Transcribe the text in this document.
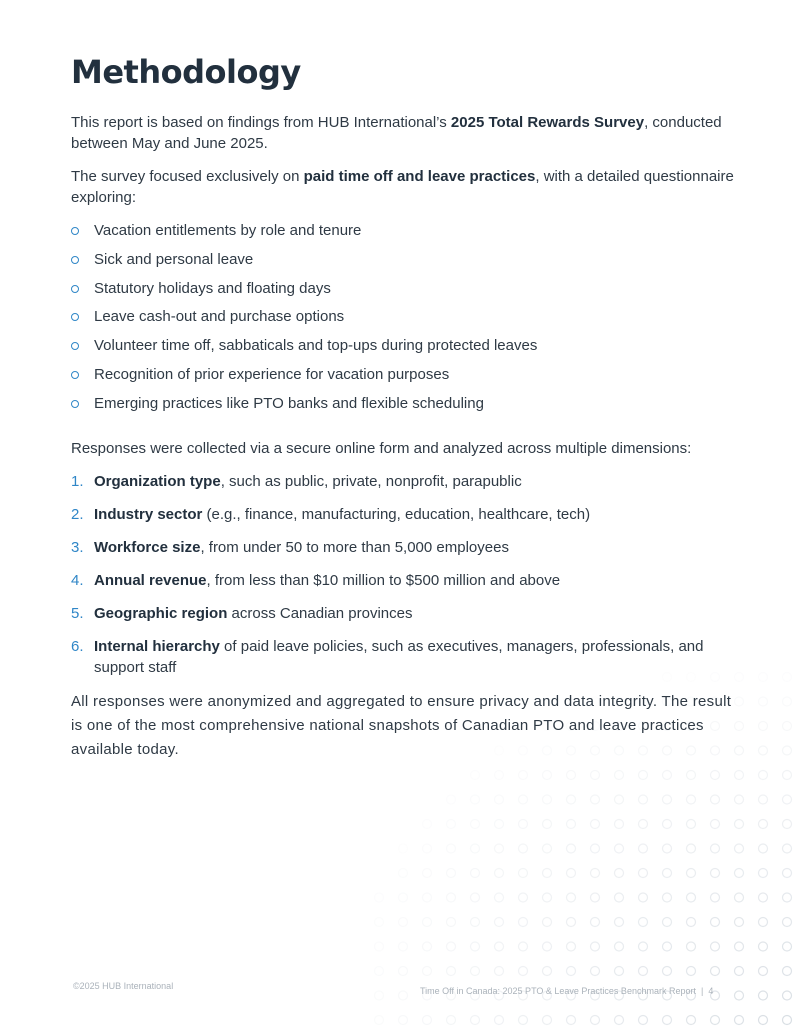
Methodology

This report is based on findings from HUB International’s 2025 Total Rewards Survey, conducted between May and June 2025.

The survey focused exclusively on paid time off and leave practices, with a detailed questionnaire exploring:

Vacation entitlements by role and tenure
Sick and personal leave
Statutory holidays and floating days
Leave cash-out and purchase options
Volunteer time off, sabbaticals and top-ups during protected leaves
Recognition of prior experience for vacation purposes
Emerging practices like PTO banks and flexible scheduling

Responses were collected via a secure online form and analyzed across multiple dimensions:

1. Organization type, such as public, private, nonprofit, parapublic
2. Industry sector (e.g., finance, manufacturing, education, healthcare, tech)
3. Workforce size, from under 50 to more than 5,000 employees
4. Annual revenue, from less than $10 million to $500 million and above
5. Geographic region across Canadian provinces
6. Internal hierarchy of paid leave policies, such as executives, managers, professionals, and support staff

All responses were anonymized and aggregated to ensure privacy and data integrity. The result is one of the most comprehensive national snapshots of Canadian PTO and leave practices available today.

©2025 HUB International	Time Off in Canada: 2025 PTO & Leave Practices Benchmark Report | 4
